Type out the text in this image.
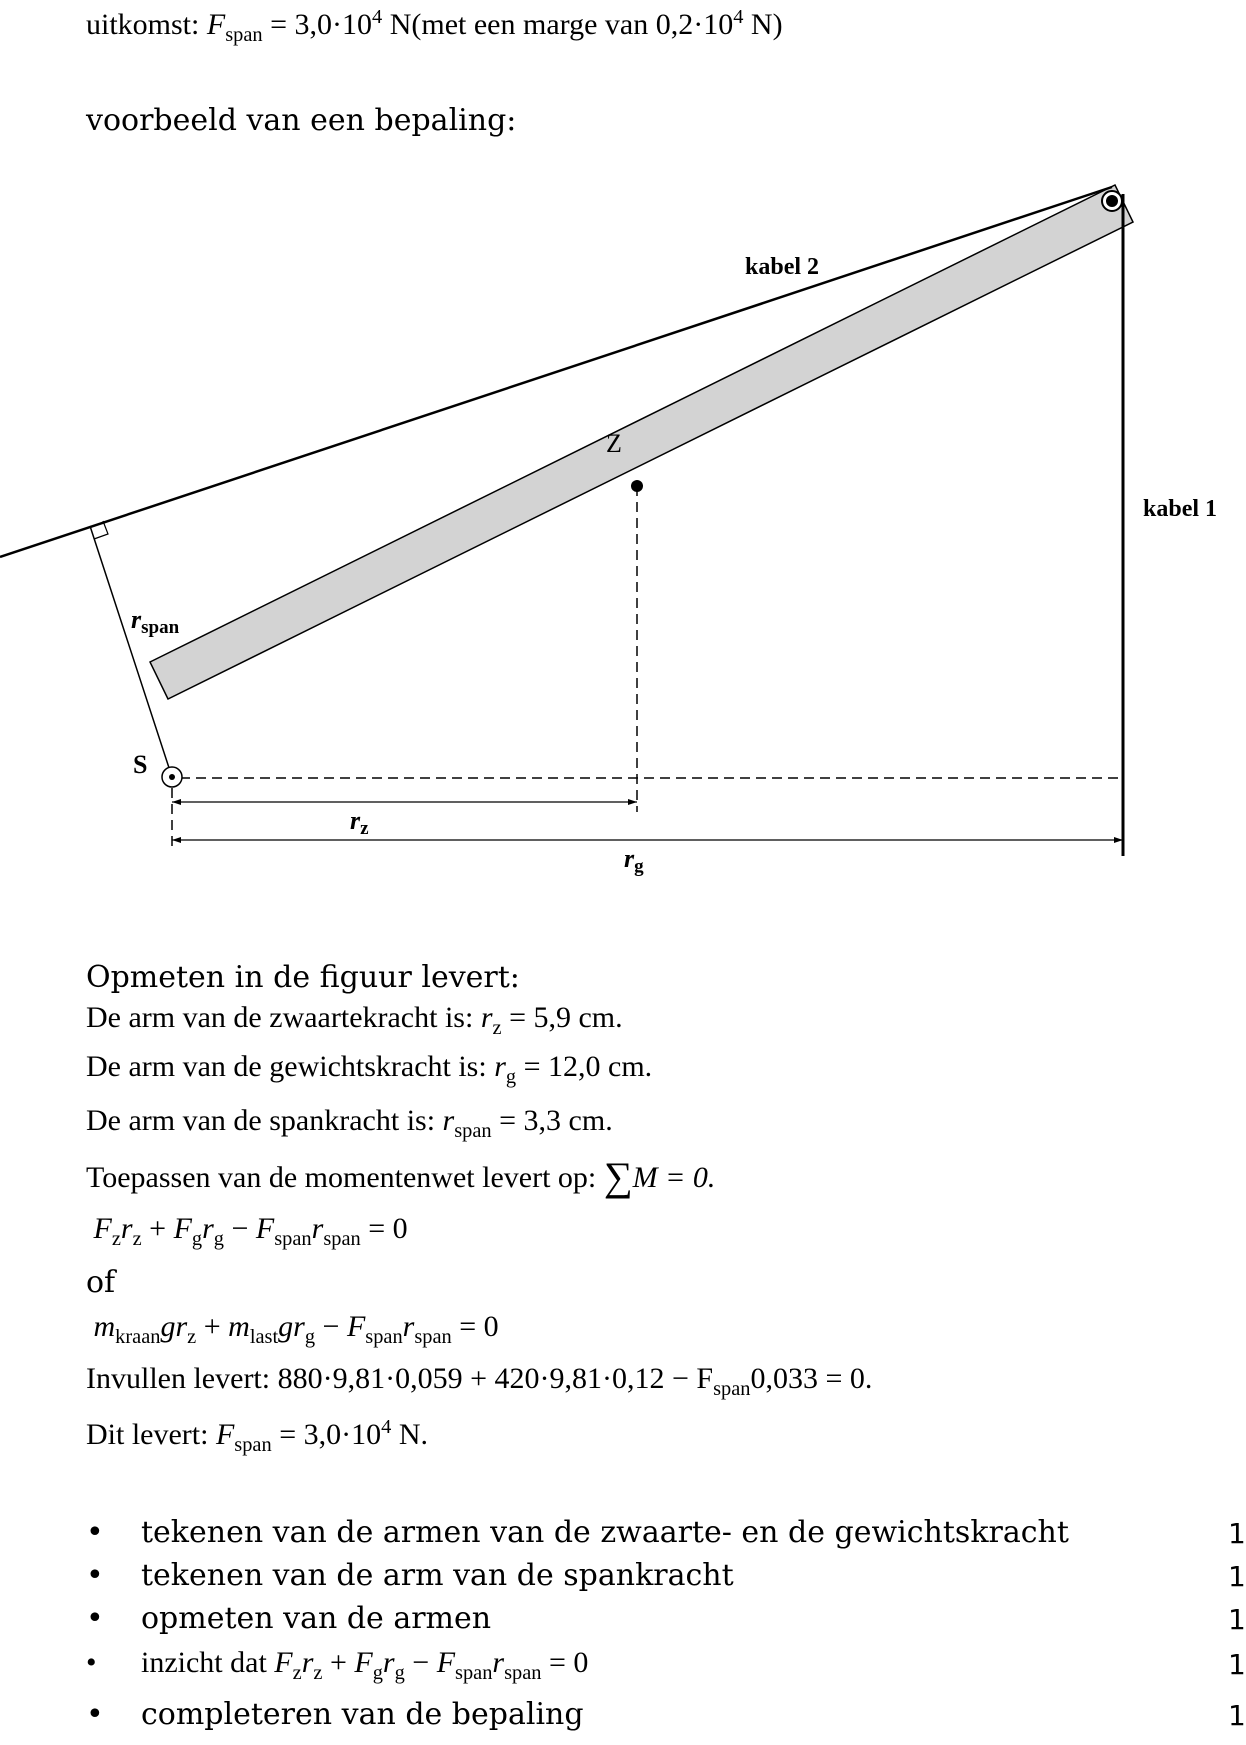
uitkomst: $F_{span} = 3,0\cdot 10^4$ N(met een marge van $0,2\cdot 10^4$ N)
voorbeeld van een bepaling:
kabel 2
kabel 1
Z
S
rspan
rz
rg
Opmeten in de figuur levert:
De arm van de zwaartekracht is: $r_z = 5,9$ cm.
De arm van de gewichtskracht is: $r_g = 12,0$ cm.
De arm van de spankracht is: $r_{span} = 3,3$ cm.
Toepassen van de momentenwet levert op: ∑M = 0.
$F_zr_z + F_gr_g - F_{span}r_{span} = 0$
of
$m_{kraan}gr_z + m_{last}gr_g - F_{span}r_{span} = 0$
Invullen levert: $880\cdot 9,81\cdot 0,059 + 420\cdot 9,81\cdot 0,12 - F_{span}0,033 = 0$.
Dit levert: $F_{span} = 3,0\cdot 10^4$ N.
• tekenen van de armen van de zwaarte- en de gewichtskracht	1
• tekenen van de arm van de spankracht	1
• opmeten van de armen	1
• inzicht dat $F_zr_z + F_gr_g - F_{span}r_{span} = 0$	1
• completeren van de bepaling	1
